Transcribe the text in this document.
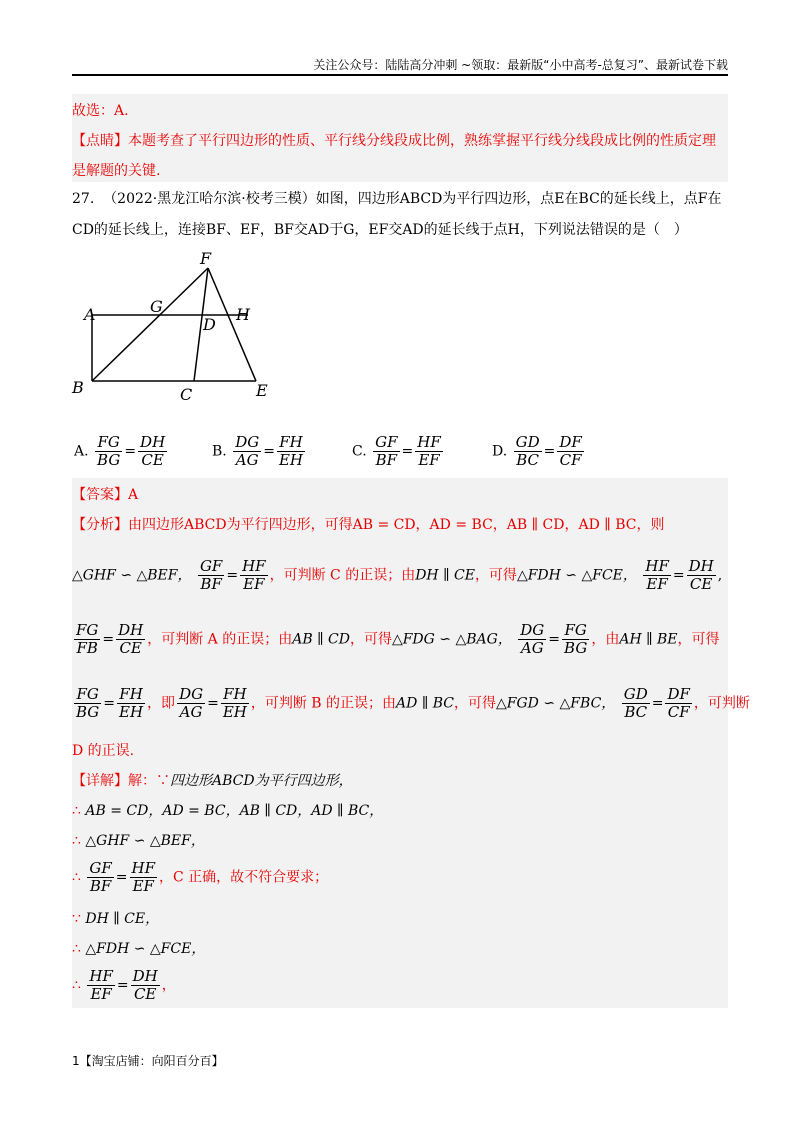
关注公众号：陆陆高分冲刺 ~领取：最新版“小中高考-总复习”、最新试卷下载
故选：A.
【点睛】本题考查了平行四边形的性质、平行线分线段成比例，熟练掌握平行线分线段成比例的性质定理
是解题的关键.
27. （2022·黑龙江哈尔滨·校考三模）如图，四边形ABCD为平行四边形，点E在BC的延长线上，点F在
CD的延长线上，连接BF、EF，BF交AD于G，EF交AD的延长线于点H，下列说法错误的是（　）
F
A	G
D
H
B	C	E
A. $\frac{FG}{BG} = \frac{DH}{CE}$	B. $\frac{DG}{AG} = \frac{FH}{EH}$	C. $\frac{GF}{BF} = \frac{HF}{EF}$	D. $\frac{GD}{BC} = \frac{DF}{CF}$
【答案】A
【分析】由四边形ABCD为平行四边形，可得AB = CD，AD = BC，AB ∥ CD，AD ∥ BC，则
△GHF ∽ △BEF， $\frac{GF}{BF} = \frac{HF}{EF}$ ，可判断 C 的正误；由DH ∥ CE，可得△FDH ∽ △FCE， $\frac{HF}{EF} = \frac{DH}{CE}$ ,
$\frac{FG}{FB} = \frac{DH}{CE}$ ，可判断 A 的正误；由AB ∥ CD，可得△FDG ∽ △BAG， $\frac{DG}{AG} = \frac{FG}{BG}$ ，由AH ∥ BE，可得
$\frac{FG}{BG} = \frac{FH}{EH}$ ，即 $\frac{DG}{AG} = \frac{FH}{EH}$ ，可判断 B 的正误；由AD ∥ BC，可得△FGD ∽ △FBC， $\frac{GD}{BC} = \frac{DF}{CF}$ ，可判断
D 的正误.
【详解】解：∵四边形ABCD为平行四边形，
∴ AB = CD，AD = BC，AB ∥ CD，AD ∥ BC，
∴ △GHF ∽ △BEF，
∴ $\frac{GF}{BF} = \frac{HF}{EF}$ ，C 正确，故不符合要求；
∵ DH ∥ CE，
∴ △FDH ∽ △FCE，
∴ $\frac{HF}{EF} = \frac{DH}{CE}$ ，
1【淘宝店铺：向阳百分百】
